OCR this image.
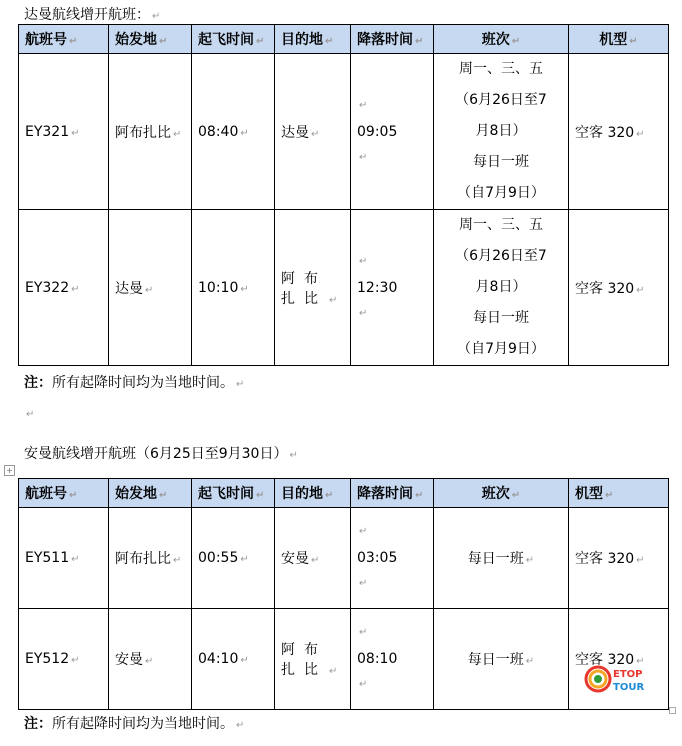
达曼航线增开航班： ↵
航班号 ↵	始发地 ↵	起飞时间 ↵	目的地 ↵	降落时间 ↵	班次 ↵	机型 ↵
EY321 ↵	阿布扎比 ↵	08:40 ↵	达曼 ↵	↵
09:05
↵	周一、三、五
（6月26日至7
月8日）
每日一班
（自7月9日）	空客 320 ↵
EY322 ↵	达曼 ↵	10:10 ↵	阿布扎比 ↵	↵
12:30
↵	周一、三、五
（6月26日至7
月8日）
每日一班
（自7月9日）	空客 320 ↵
注：所有起降时间均为当地时间。 ↵
↵
安曼航线增开航班（6月25日至9月30日） ↵
+
航班号 ↵	始发地 ↵	起飞时间 ↵	目的地 ↵	降落时间 ↵	班次 ↵	机型 ↵
EY511 ↵	阿布扎比 ↵	00:55 ↵	安曼 ↵	↵
03:05
↵	每日一班 ↵	空客 320 ↵
EY512 ↵	安曼 ↵	04:10 ↵	阿布扎比 ↵	↵
08:10
↵	每日一班 ↵	空客 320 ↵
ETOP
TOUR
注：所有起降时间均为当地时间。 ↵
